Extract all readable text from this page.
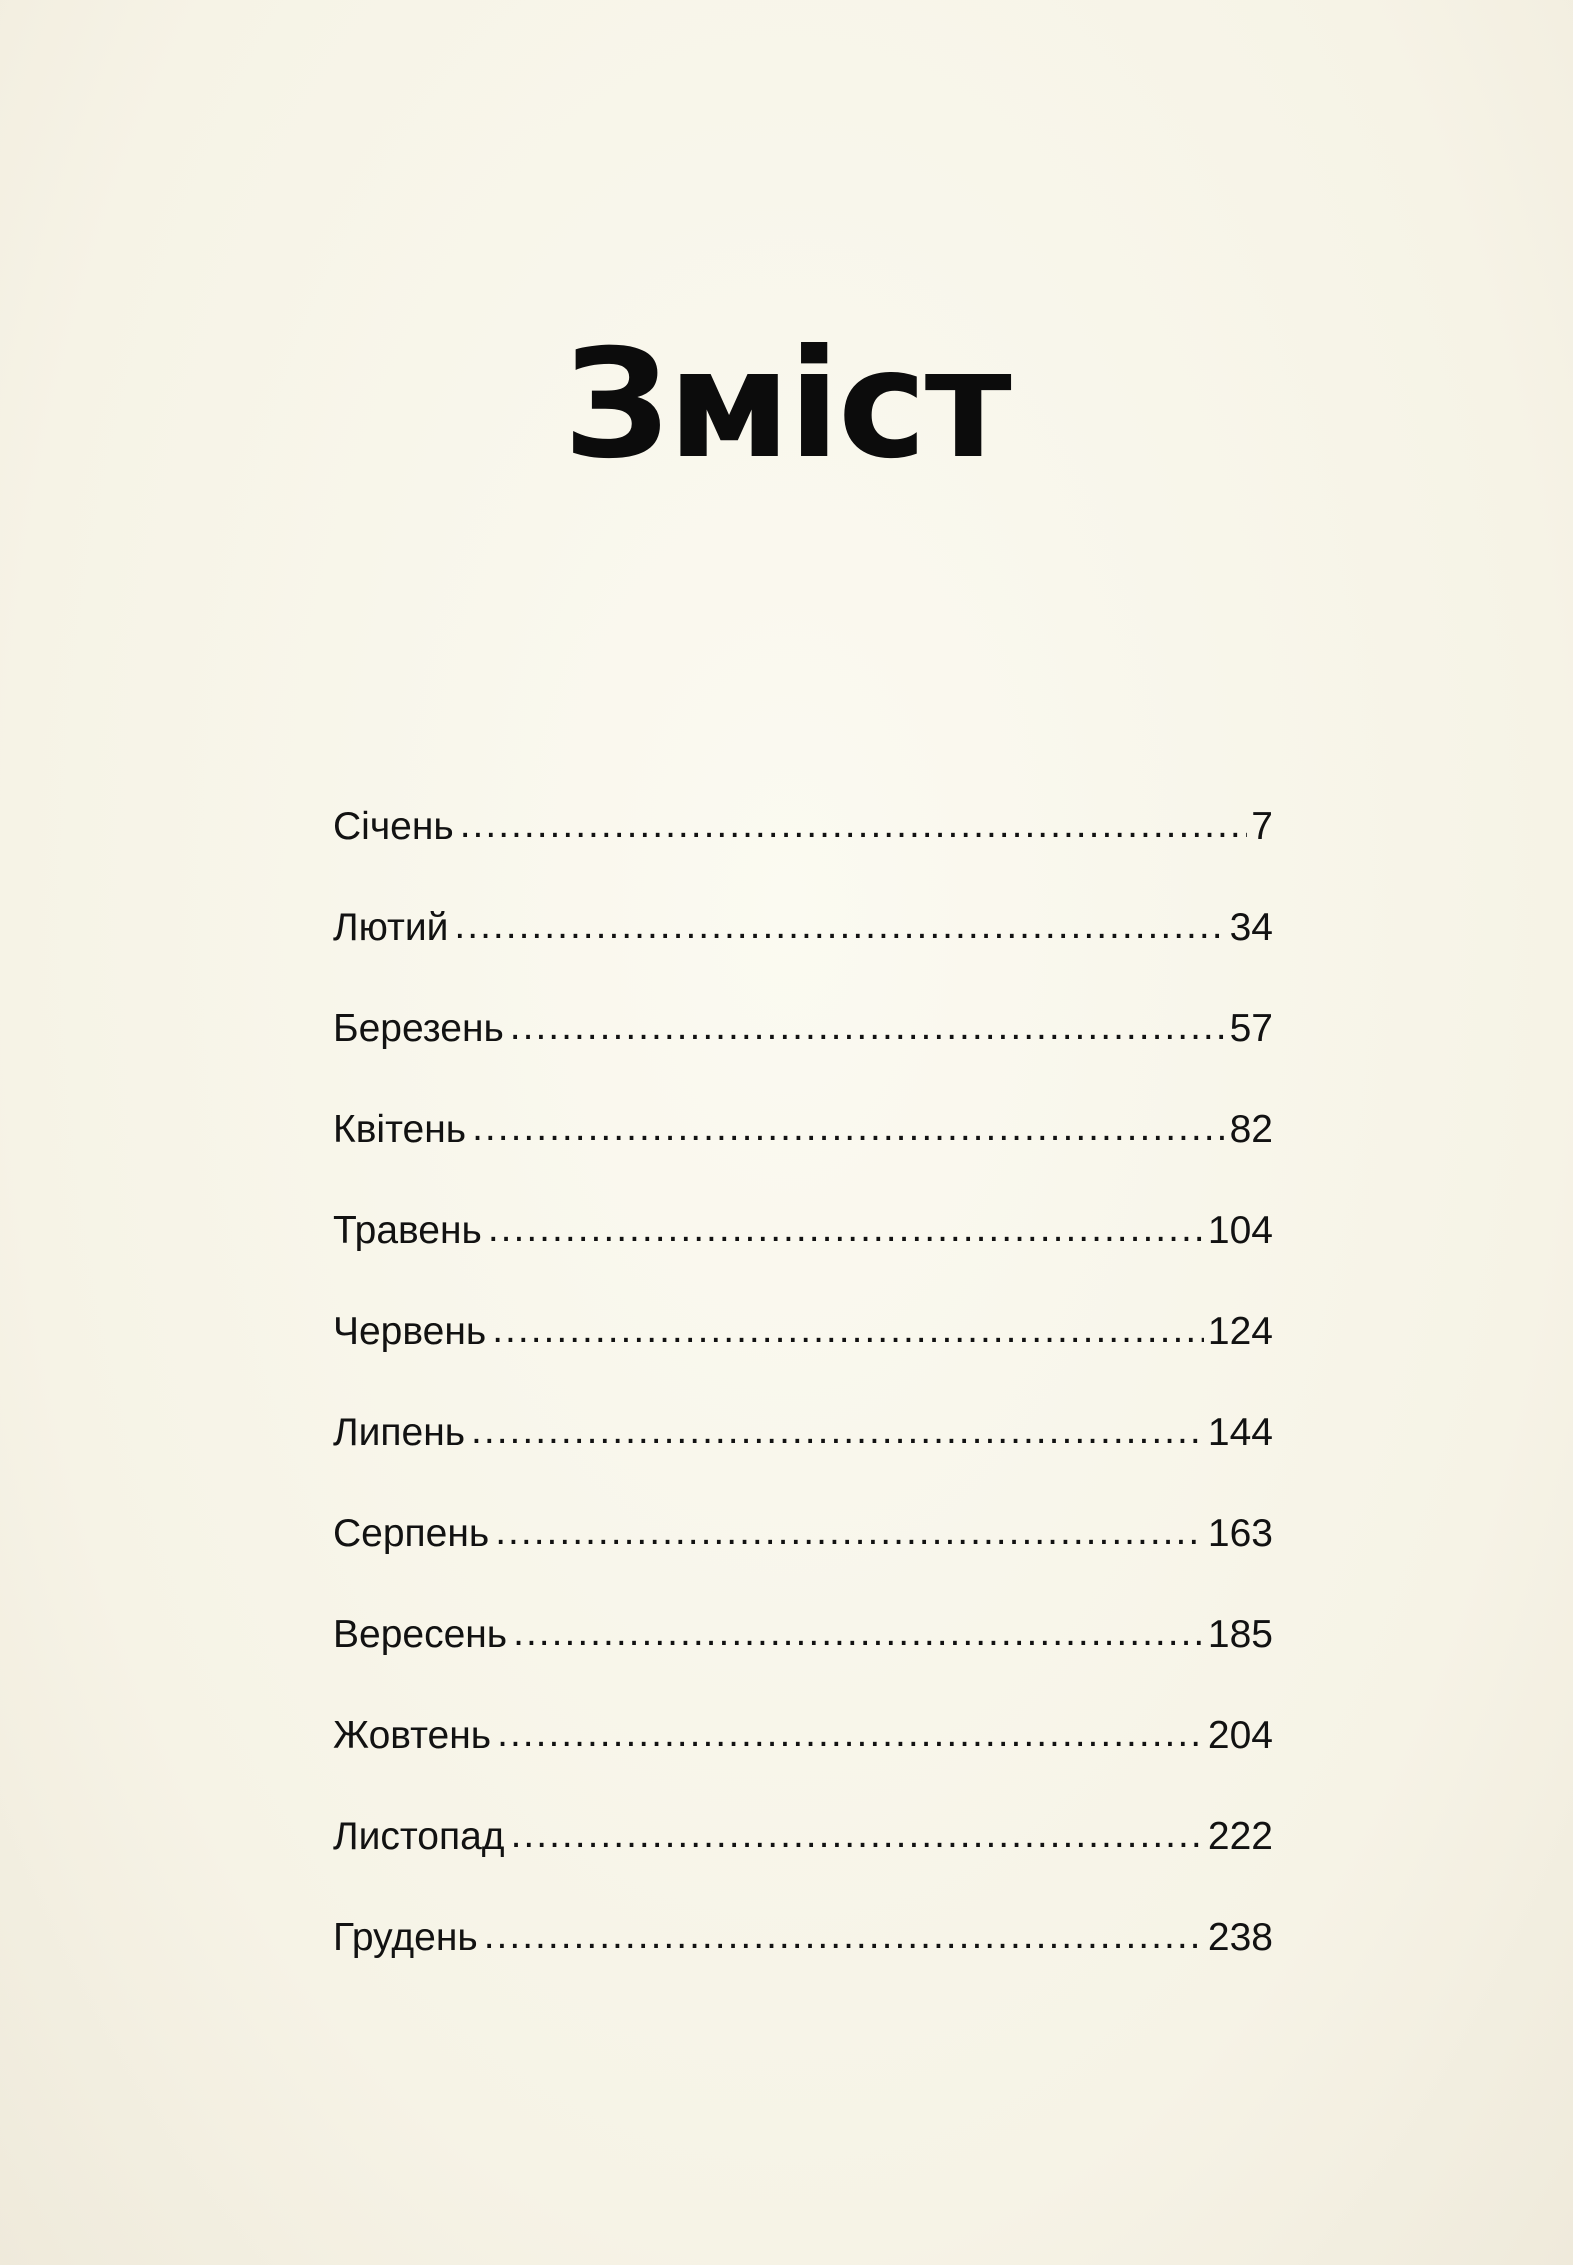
Зміст
Січень .....	7
Лютий .....	34
Березень .....	57
Квітень .....	82
Травень .....	104
Червень .....	124
Липень .....	144
Серпень .....	163
Вересень .....	185
Жовтень .....	204
Листопад .....	222
Грудень .....	238
